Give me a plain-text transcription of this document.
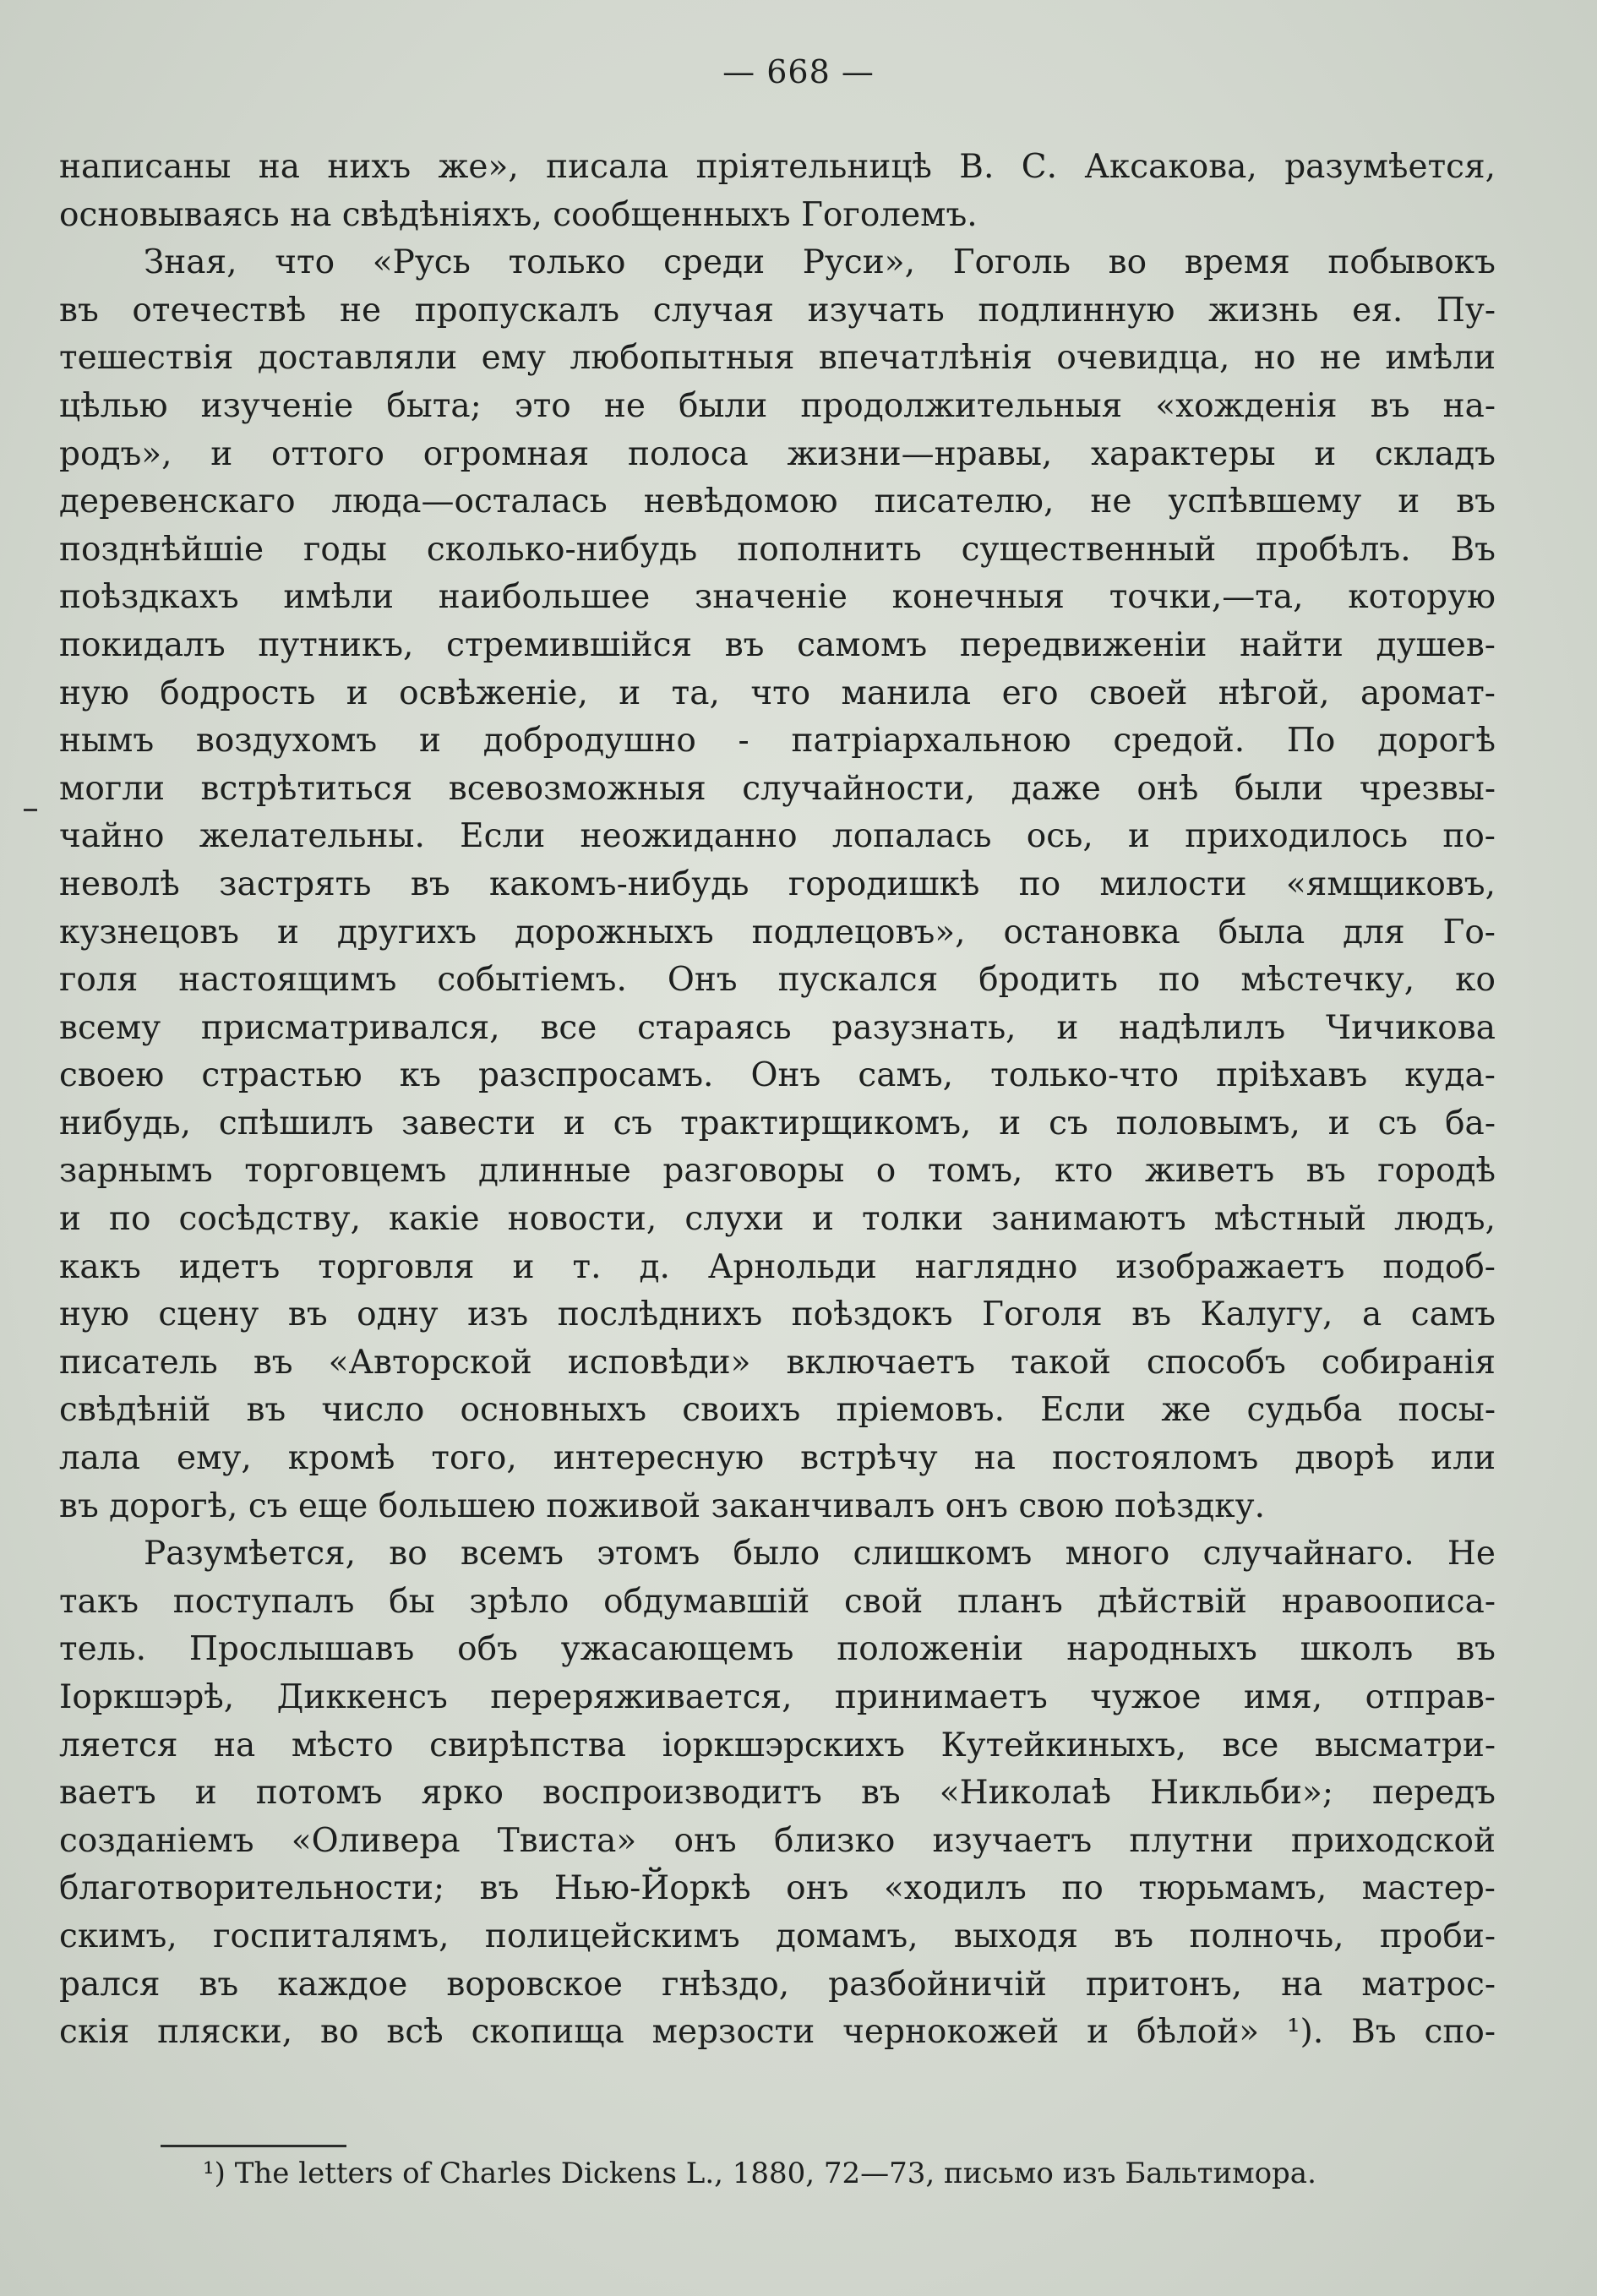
— 668 —
написаны на нихъ же», писала пріятельницѣ В. С. Аксакова, разумѣется,
основываясь на свѣдѣніяхъ, сообщенныхъ Гоголемъ.
Зная, что «Русь только среди Руси», Гоголь во время побывокъ
въ отечествѣ не пропускалъ случая изучать подлинную жизнь ея. Пу-
тешествія доставляли ему любопытныя впечатлѣнія очевидца, но не имѣли
цѣлью изученіе быта; это не были продолжительныя «хожденія въ на-
родъ», и оттого огромная полоса жизни—нравы, характеры и складъ
деревенскаго люда—осталась невѣдомою писателю, не успѣвшему и въ
позднѣйшіе годы сколько-нибудь пополнить существенный пробѣлъ. Въ
поѣздкахъ имѣли наибольшее значеніе конечныя точки,—та, которую
покидалъ путникъ, стремившійся въ самомъ передвиженіи найти душев-
ную бодрость и освѣженіе, и та, что манила его своей нѣгой, аромат-
нымъ воздухомъ и добродушно - патріархальною средой. По дорогѣ
могли встрѣтиться всевозможныя случайности, даже онѣ были чрезвы-
чайно желательны. Если неожиданно лопалась ось, и приходилось по-
неволѣ застрять въ какомъ-нибудь городишкѣ по милости «ямщиковъ,
кузнецовъ и другихъ дорожныхъ подлецовъ», остановка была для Го-
голя настоящимъ событіемъ. Онъ пускался бродить по мѣстечку, ко
всему присматривался, все стараясь разузнать, и надѣлилъ Чичикова
своею страстью къ разспросамъ. Онъ самъ, только-что пріѣхавъ куда-
нибудь, спѣшилъ завести и съ трактирщикомъ, и съ половымъ, и съ ба-
зарнымъ торговцемъ длинные разговоры о томъ, кто живетъ въ городѣ
и по сосѣдству, какіе новости, слухи и толки занимаютъ мѣстный людъ,
какъ идетъ торговля и т. д. Арнольди наглядно изображаетъ подоб-
ную сцену въ одну изъ послѣднихъ поѣздокъ Гоголя въ Калугу, а самъ
писатель въ «Авторской исповѣди» включаетъ такой способъ собиранія
свѣдѣній въ число основныхъ своихъ пріемовъ. Если же судьба посы-
лала ему, кромѣ того, интересную встрѣчу на постояломъ дворѣ или
въ дорогѣ, съ еще большею поживой заканчивалъ онъ свою поѣздку.
Разумѣется, во всемъ этомъ было слишкомъ много случайнаго. Не
такъ поступалъ бы зрѣло обдумавшій свой планъ дѣйствій нравоописа-
тель. Прослышавъ объ ужасающемъ положеніи народныхъ школъ въ
Іоркшэрѣ, Диккенсъ переряживается, принимаетъ чужое имя, отправ-
ляется на мѣсто свирѣпства іоркшэрскихъ Кутейкиныхъ, все высматри-
ваетъ и потомъ ярко воспроизводитъ въ «Николаѣ Никльби»; передъ
созданіемъ «Оливера Твиста» онъ близко изучаетъ плутни приходской
благотворительности; въ Нью-Йоркѣ онъ «ходилъ по тюрьмамъ, мастер-
скимъ, госпиталямъ, полицейскимъ домамъ, выходя въ полночь, проби-
рался въ каждое воровское гнѣздо, разбойничій притонъ, на матрос-
скія пляски, во всѣ скопища мерзости чернокожей и бѣлой» ¹). Въ спо-
¹) The letters of Charles Dickens L., 1880, 72—73, письмо изъ Бальтимора.
